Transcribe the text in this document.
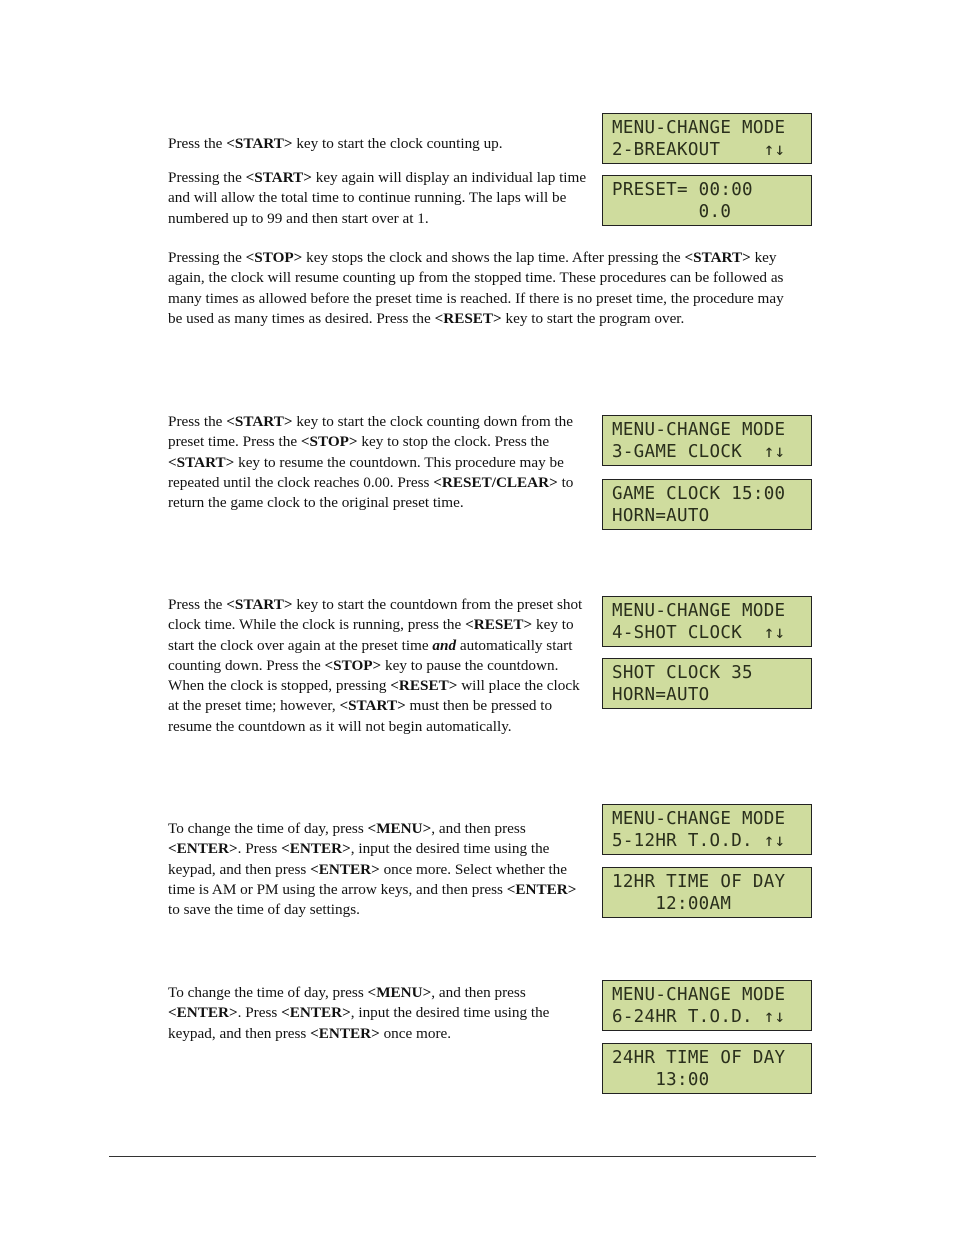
Press the <START> key to start the clock counting up.

Pressing the <START> key again will display an individual lap time and will allow the total time to continue running. The laps will be numbered up to 99 and then start over at 1.

Pressing the <STOP> key stops the clock and shows the lap time. After pressing the <START> key again, the clock will resume counting up from the stopped time. These procedures can be followed as many times as allowed before the preset time is reached. If there is no preset time, the procedure may be used as many times as desired. Press the <RESET> key to start the program over.

MENU-CHANGE MODE
2-BREAKOUT    ↑↓
PRESET= 00:00
0.0

Press the <START> key to start the clock counting down from the preset time. Press the <STOP> key to stop the clock. Press the <START> key to resume the countdown. This procedure may be repeated until the clock reaches 0.00. Press <RESET/CLEAR> to return the game clock to the original preset time.

MENU-CHANGE MODE
3-GAME CLOCK  ↑↓
GAME CLOCK 15:00
HORN=AUTO

Press the <START> key to start the countdown from the preset shot clock time. While the clock is running, press the <RESET> key to start the clock over again at the preset time and automatically start counting down. Press the <STOP> key to pause the countdown. When the clock is stopped, pressing <RESET> will place the clock at the preset time; however, <START> must then be pressed to resume the countdown as it will not begin automatically.

MENU-CHANGE MODE
4-SHOT CLOCK  ↑↓
SHOT CLOCK 35
HORN=AUTO

To change the time of day, press <MENU>, and then press <ENTER>. Press <ENTER>, input the desired time using the keypad, and then press <ENTER> once more. Select whether the time is AM or PM using the arrow keys, and then press <ENTER> to save the time of day settings.

MENU-CHANGE MODE
5-12HR T.O.D. ↑↓
12HR TIME OF DAY
12:00AM

To change the time of day, press <MENU>, and then press <ENTER>. Press <ENTER>, input the desired time using the keypad, and then press <ENTER> once more.

MENU-CHANGE MODE
6-24HR T.O.D. ↑↓
24HR TIME OF DAY
13:00
